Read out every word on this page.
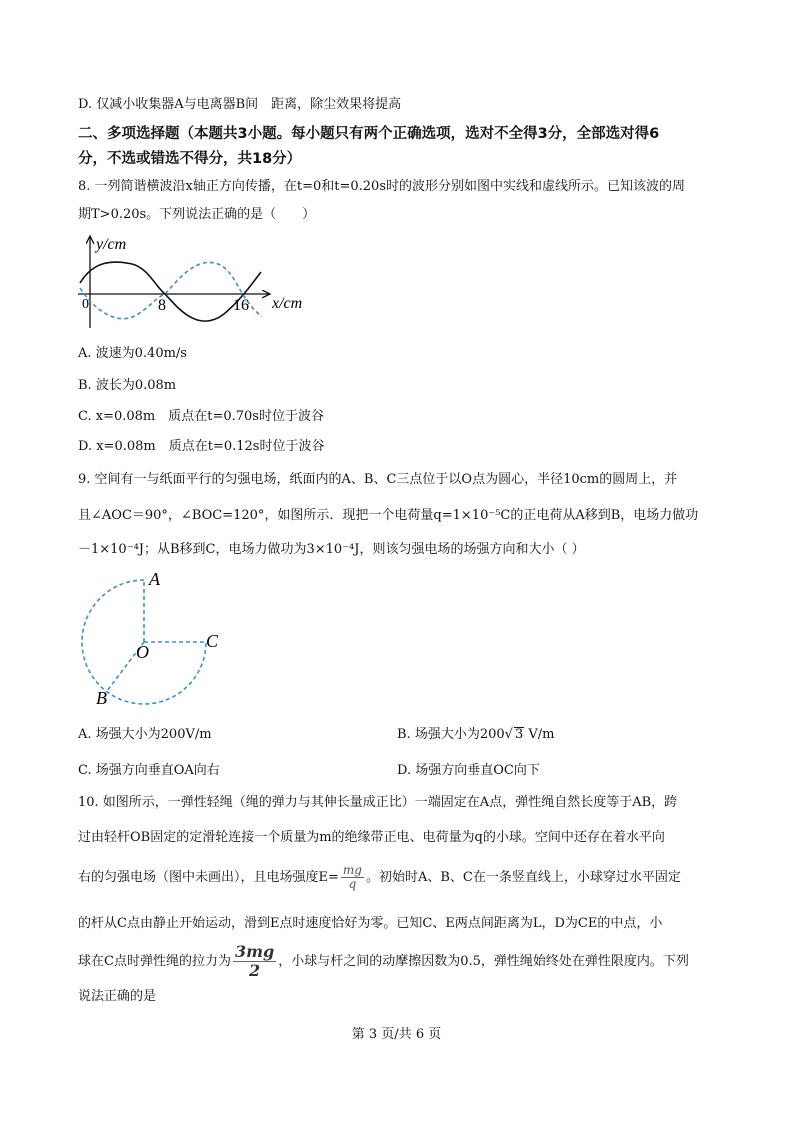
D. 仅减小收集器A与电离器B间　距离，除尘效果将提高
二、多项选择题（本题共3小题。每小题只有两个正确选项，选对不全得3分，全部选对得6
分，不选或错选不得分，共18分）
8. 一列简谐横波沿x轴正方向传播，在t=0和t=0.20s时的波形分别如图中实线和虚线所示。已知该波的周
期T>0.20s。下列说法正确的是（　　）
y/cm
x/cm
0	8	16
A. 波速为0.40m/s
B. 波长为0.08m
C. x=0.08m　质点在t=0.70s时位于波谷
D. x=0.08m　质点在t=0.12s时位于波谷
9. 空间有一与纸面平行的匀强电场，纸面内的A、B、C三点位于以O点为圆心，半径10cm的圆周上，并
且∠AOC＝90°，∠BOC=120°，如图所示．现把一个电荷量q=1×10⁻⁵C的正电荷从A移到B，电场力做功
－1×10⁻⁴J；从B移到C，电场力做功为3×10⁻⁴J，则该匀强电场的场强方向和大小（ ）
A
C
O
B
A. 场强大小为200V/m	B. 场强大小为200√ 3 V/m
C. 场强方向垂直OA向右	D. 场强方向垂直OC向下
10. 如图所示，一弹性轻绳（绳的弹力与其伸长量成正比）一端固定在A点，弹性绳自然长度等于AB，跨
过由轻杆OB固定的定滑轮连接一个质量为m的绝缘带正电、电荷量为q的小球。空间中还存在着水平向
右的匀强电场（图中未画出），且电场强度$E= \frac{mg}{q}$ 。初始时A、B、C在一条竖直线上，小球穿过水平固定
的杆从C点由静止开始运动，滑到E点时速度恰好为零。已知C、E两点间距离为L，D为CE的中点，小
球在C点时弹性绳的拉力为 $\frac{3mg}{2}$ ，小球与杆之间的动摩擦因数为0.5，弹性绳始终处在弹性限度内。下列
说法正确的是
第 3 页/共 6 页
